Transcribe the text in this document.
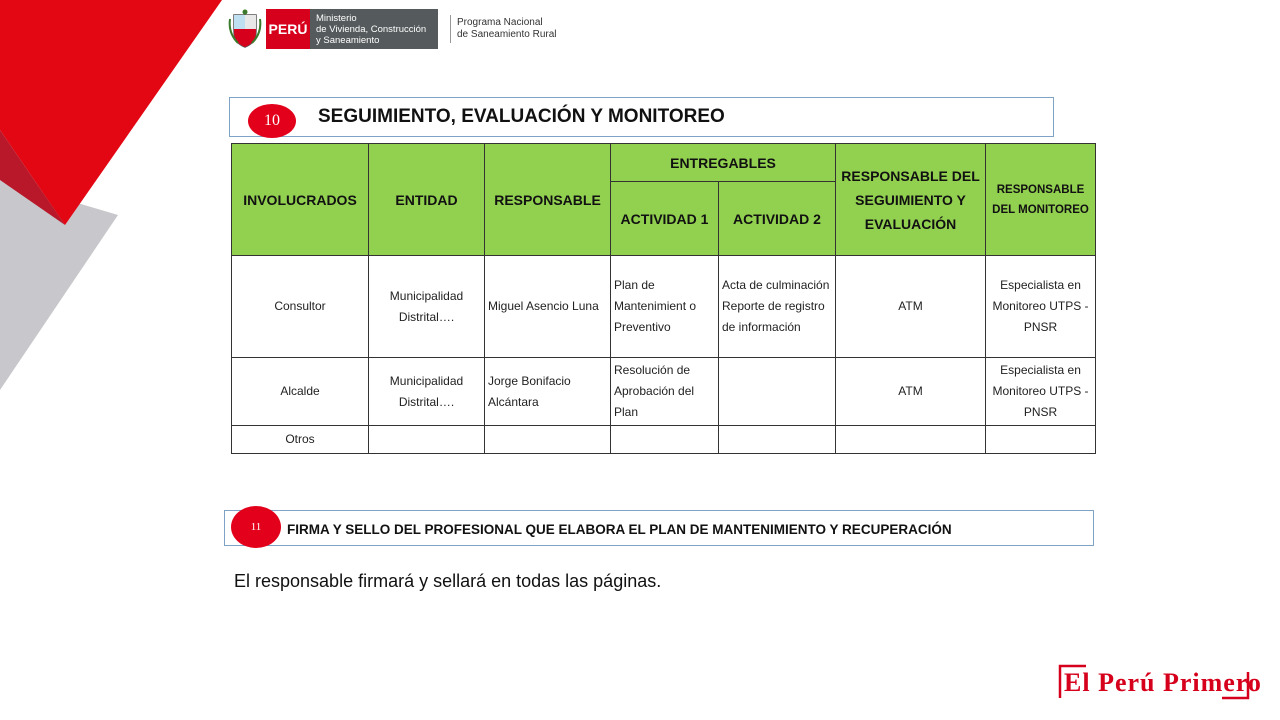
PERÚ
Ministerio
de Vivienda, Construcción
y Saneamiento
Programa Nacional
de Saneamiento Rural
SEGUIMIENTO, EVALUACIÓN Y MONITOREO
10
INVOLUCRADOS	ENTIDAD	RESPONSABLE	ENTREGABLES		RESPONSABLE DEL SEGUIMIENTO Y EVALUACIÓN	RESPONSABLE DEL MONITOREO
			ACTIVIDAD 1	ACTIVIDAD 2		
Consultor	Municipalidad Distrital….	Miguel Asencio Luna	Plan de Mantenimient o Preventivo	Acta de culminación Reporte de registro de información	ATM	Especialista en Monitoreo UTPS - PNSR
Alcalde	Municipalidad Distrital….	Jorge Bonifacio Alcántara	Resolución de Aprobación del Plan		ATM	Especialista en Monitoreo UTPS - PNSR
Otros						
FIRMA Y SELLO DEL PROFESIONAL QUE ELABORA EL PLAN DE MANTENIMIENTO Y RECUPERACIÓN
11
El responsable firmará y sellará en todas las páginas.
El Perú Primero
